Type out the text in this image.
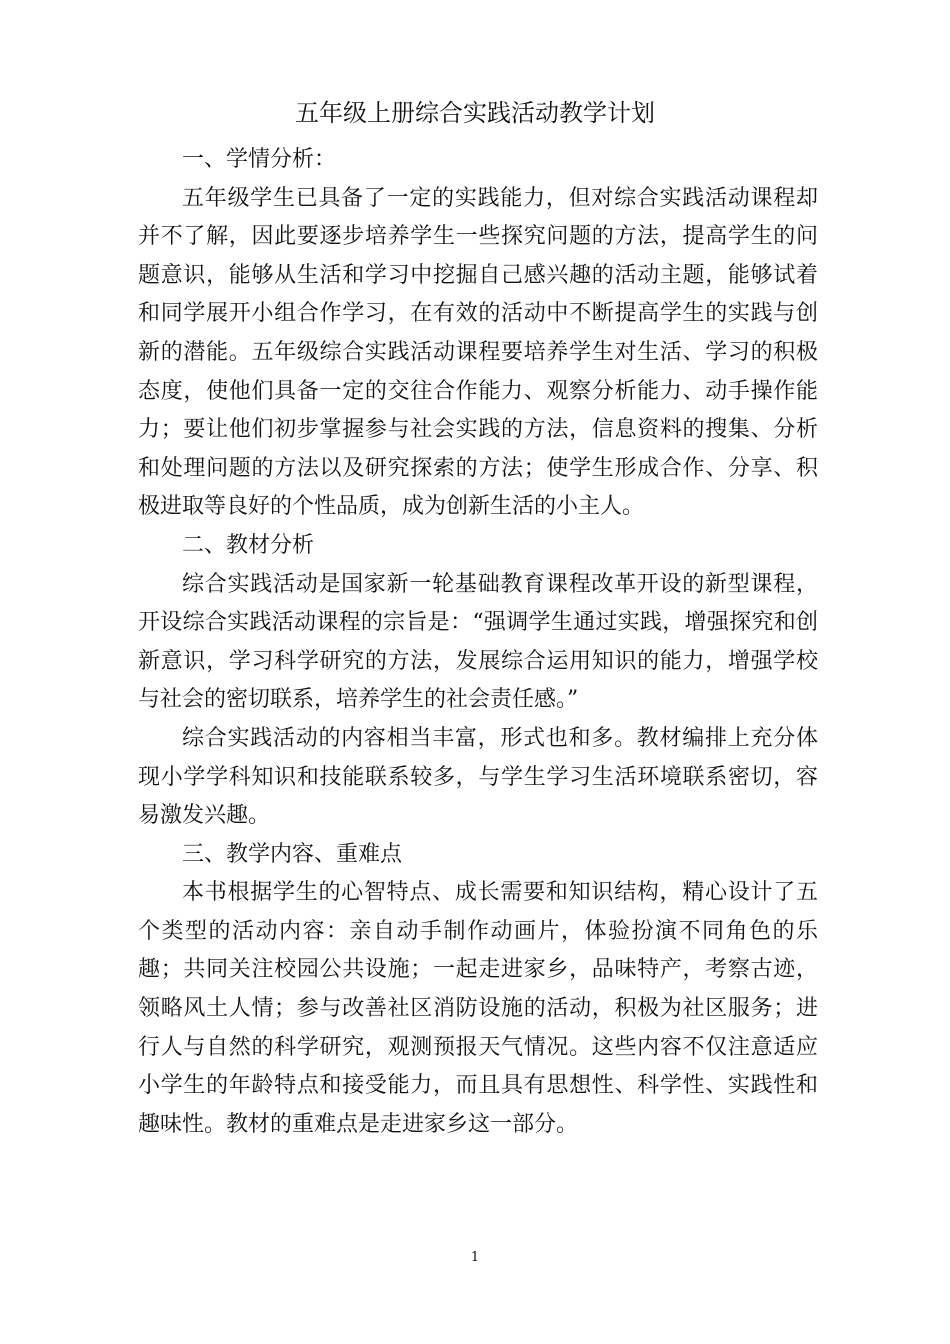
五年级上册综合实践活动教学计划

一、学情分析：

五年级学生已具备了一定的实践能力，但对综合实践活动课程却并不了解，因此要逐步培养学生一些探究问题的方法，提高学生的问题意识，能够从生活和学习中挖掘自己感兴趣的活动主题，能够试着和同学展开小组合作学习，在有效的活动中不断提高学生的实践与创新的潜能。五年级综合实践活动课程要培养学生对生活、学习的积极态度，使他们具备一定的交往合作能力、观察分析能力、动手操作能力；要让他们初步掌握参与社会实践的方法，信息资料的搜集、分析和处理问题的方法以及研究探索的方法；使学生形成合作、分享、积极进取等良好的个性品质，成为创新生活的小主人。

二、教材分析

综合实践活动是国家新一轮基础教育课程改革开设的新型课程，开设综合实践活动课程的宗旨是：“强调学生通过实践，增强探究和创新意识，学习科学研究的方法，发展综合运用知识的能力，增强学校与社会的密切联系，培养学生的社会责任感。”

综合实践活动的内容相当丰富，形式也和多。教材编排上充分体现小学学科知识和技能联系较多，与学生学习生活环境联系密切，容易激发兴趣。

三、教学内容、重难点

本书根据学生的心智特点、成长需要和知识结构，精心设计了五个类型的活动内容：亲自动手制作动画片，体验扮演不同角色的乐趣；共同关注校园公共设施；一起走进家乡，品味特产，考察古迹，领略风土人情；参与改善社区消防设施的活动，积极为社区服务；进行人与自然的科学研究，观测预报天气情况。这些内容不仅注意适应小学生的年龄特点和接受能力，而且具有思想性、科学性、实践性和趣味性。教材的重难点是走进家乡这一部分。

1
